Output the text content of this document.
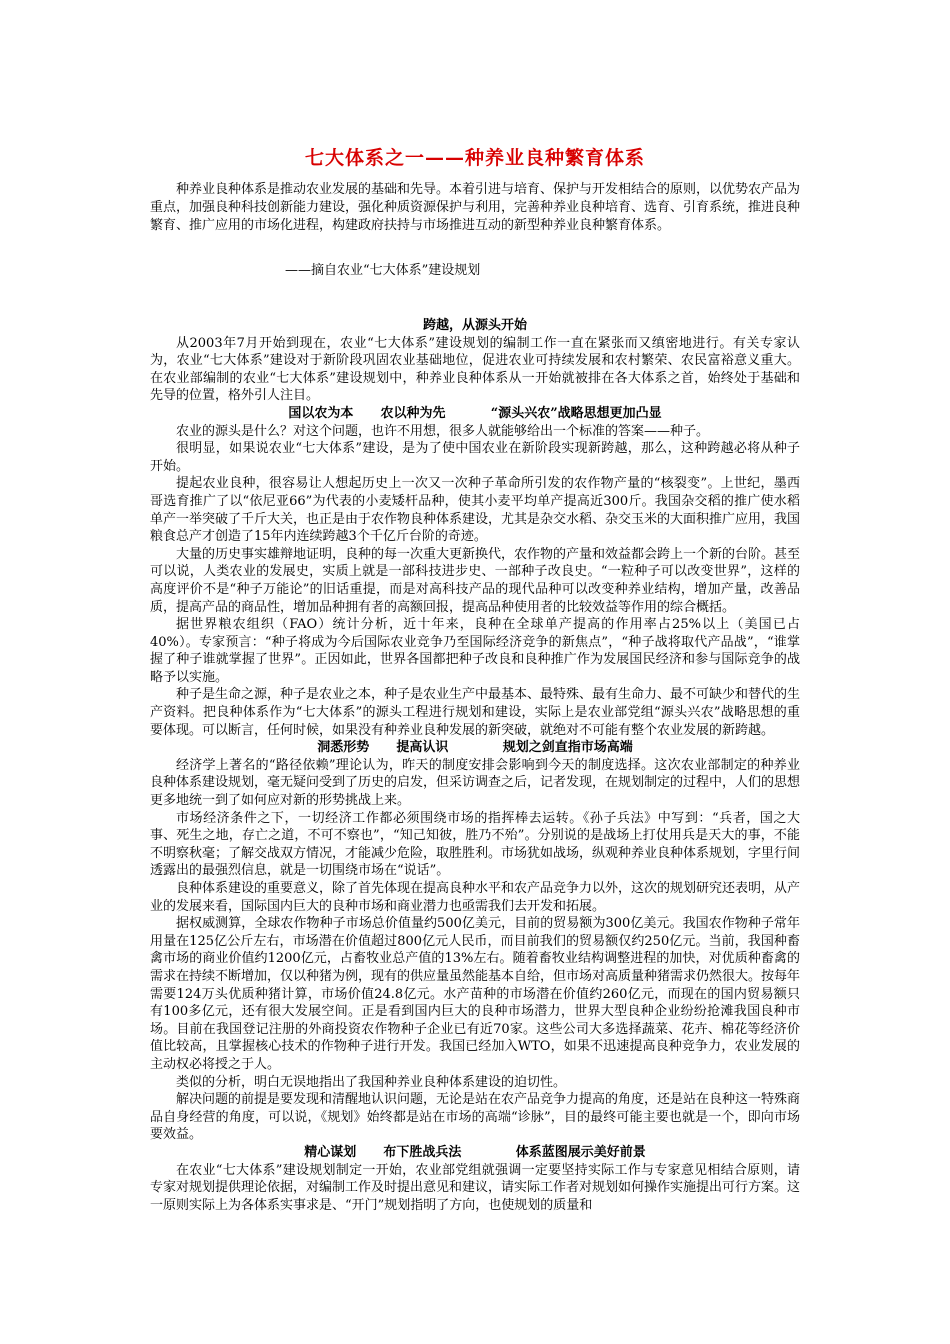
七大体系之一——种养业良种繁育体系

种养业良种体系是推动农业发展的基础和先导。本着引进与培育、保护与开发相结合的原则，以优势农产品为重点，加强良种科技创新能力建设，强化种质资源保护与利用，完善种养业良种培育、选育、引育系统，推进良种繁育、推广应用的市场化进程，构建政府扶持与市场推进互动的新型种养业良种繁育体系。

——摘自农业“七大体系”建设规划
跨越，从源头开始

从2003年7月开始到现在，农业“七大体系”建设规划的编制工作一直在紧张而又缜密地进行。有关专家认为，农业“七大体系”建设对于新阶段巩固农业基础地位，促进农业可持续发展和农村繁荣、农民富裕意义重大。在农业部编制的农业“七大体系”建设规划中，种养业良种体系从一开始就被排在各大体系之首，始终处于基础和先导的位置，格外引人注目。

国以农为本      农以种为先          “源头兴农”战略思想更加凸显

农业的源头是什么？对这个问题，也许不用想，很多人就能够给出一个标准的答案——种子。

很明显，如果说农业“七大体系”建设，是为了使中国农业在新阶段实现新跨越，那么，这种跨越必将从种子开始。

提起农业良种，很容易让人想起历史上一次又一次种子革命所引发的农作物产量的“核裂变”。上世纪，墨西哥选育推广了以“依尼亚66”为代表的小麦矮杆品种，使其小麦平均单产提高近300斤。我国杂交稻的推广使水稻单产一举突破了千斤大关，也正是由于农作物良种体系建设，尤其是杂交水稻、杂交玉米的大面积推广应用，我国粮食总产才创造了15年内连续跨越3个千亿斤台阶的奇迹。

大量的历史事实雄辩地证明，良种的每一次重大更新换代，农作物的产量和效益都会跨上一个新的台阶。甚至可以说，人类农业的发展史，实质上就是一部科技进步史、一部种子改良史。“一粒种子可以改变世界”，这样的高度评价不是“种子万能论”的旧话重提，而是对高科技产品的现代品种可以改变种养业结构，增加产量，改善品质，提高产品的商品性，增加品种拥有者的高额回报，提高品种使用者的比较效益等作用的综合概括。

据世界粮农组织（FAO）统计分析，近十年来，良种在全球单产提高的作用率占25%以上（美国已占40%）。专家预言：“种子将成为今后国际农业竞争乃至国际经济竞争的新焦点”，“种子战将取代产品战”，“谁掌握了种子谁就掌握了世界”。正因如此，世界各国都把种子改良和良种推广作为发展国民经济和参与国际竞争的战略予以实施。

种子是生命之源，种子是农业之本，种子是农业生产中最基本、最特殊、最有生命力、最不可缺少和替代的生产资料。把良种体系作为“七大体系”的源头工程进行规划和建设，实际上是农业部党组“源头兴农”战略思想的重要体现。可以断言，任何时候，如果没有种养业良种发展的新突破，就绝对不可能有整个农业发展的新跨越。

洞悉形势      提高认识            规划之剑直指市场高端

经济学上著名的“路径依赖”理论认为，昨天的制度安排会影响到今天的制度选择。这次农业部制定的种养业良种体系建设规划，毫无疑问受到了历史的启发，但采访调查之后，记者发现，在规划制定的过程中，人们的思想更多地统一到了如何应对新的形势挑战上来。

市场经济条件之下，一切经济工作都必须围绕市场的指挥棒去运转。《孙子兵法》中写到：“兵者，国之大事、死生之地，存亡之道，不可不察也”，“知己知彼，胜乃不殆”。分别说的是战场上打仗用兵是天大的事，不能不明察秋毫；了解交战双方情况，才能减少危险，取胜胜利。市场犹如战场，纵观种养业良种体系规划，字里行间透露出的最强烈信息，就是一切围绕市场在“说话”。

良种体系建设的重要意义，除了首先体现在提高良种水平和农产品竞争力以外，这次的规划研究还表明，从产业的发展来看，国际国内巨大的良种市场和商业潜力也亟需我们去开发和拓展。

据权威测算，全球农作物种子市场总价值量约500亿美元，目前的贸易额为300亿美元。我国农作物种子常年用量在125亿公斤左右，市场潜在价值超过800亿元人民币，而目前我们的贸易额仅约250亿元。当前，我国种畜禽市场的商业价值约1200亿元，占畜牧业总产值的13%左右。随着畜牧业结构调整进程的加快，对优质种畜禽的需求在持续不断增加，仅以种猪为例，现有的供应量虽然能基本自给，但市场对高质量种猪需求仍然很大。按每年需要124万头优质种猪计算，市场价值24.8亿元。水产苗种的市场潜在价值约260亿元，而现在的国内贸易额只有100多亿元，还有很大发展空间。正是看到国内巨大的良种市场潜力，世界大型良种企业纷纷抢滩我国良种市场。目前在我国登记注册的外商投资农作物种子企业已有近70家。这些公司大多选择蔬菜、花卉、棉花等经济价值比较高，且掌握核心技术的作物种子进行开发。我国已经加入WTO，如果不迅速提高良种竞争力，农业发展的主动权必将授之于人。

类似的分析，明白无误地指出了我国种养业良种体系建设的迫切性。

解决问题的前提是要发现和清醒地认识问题，无论是站在农产品竞争力提高的角度，还是站在良种这一特殊商品自身经营的角度，可以说，《规划》始终都是站在市场的高端“诊脉”，目的最终可能主要也就是一个，即向市场要效益。

精心谋划      布下胜战兵法            体系蓝图展示美好前景

在农业“七大体系”建设规划制定一开始，农业部党组就强调一定要坚持实际工作与专家意见相结合原则，请专家对规划提供理论依据，对编制工作及时提出意见和建议，请实际工作者对规划如何操作实施提出可行方案。这一原则实际上为各体系实事求是、“开门”规划指明了方向，也使规划的质量和
